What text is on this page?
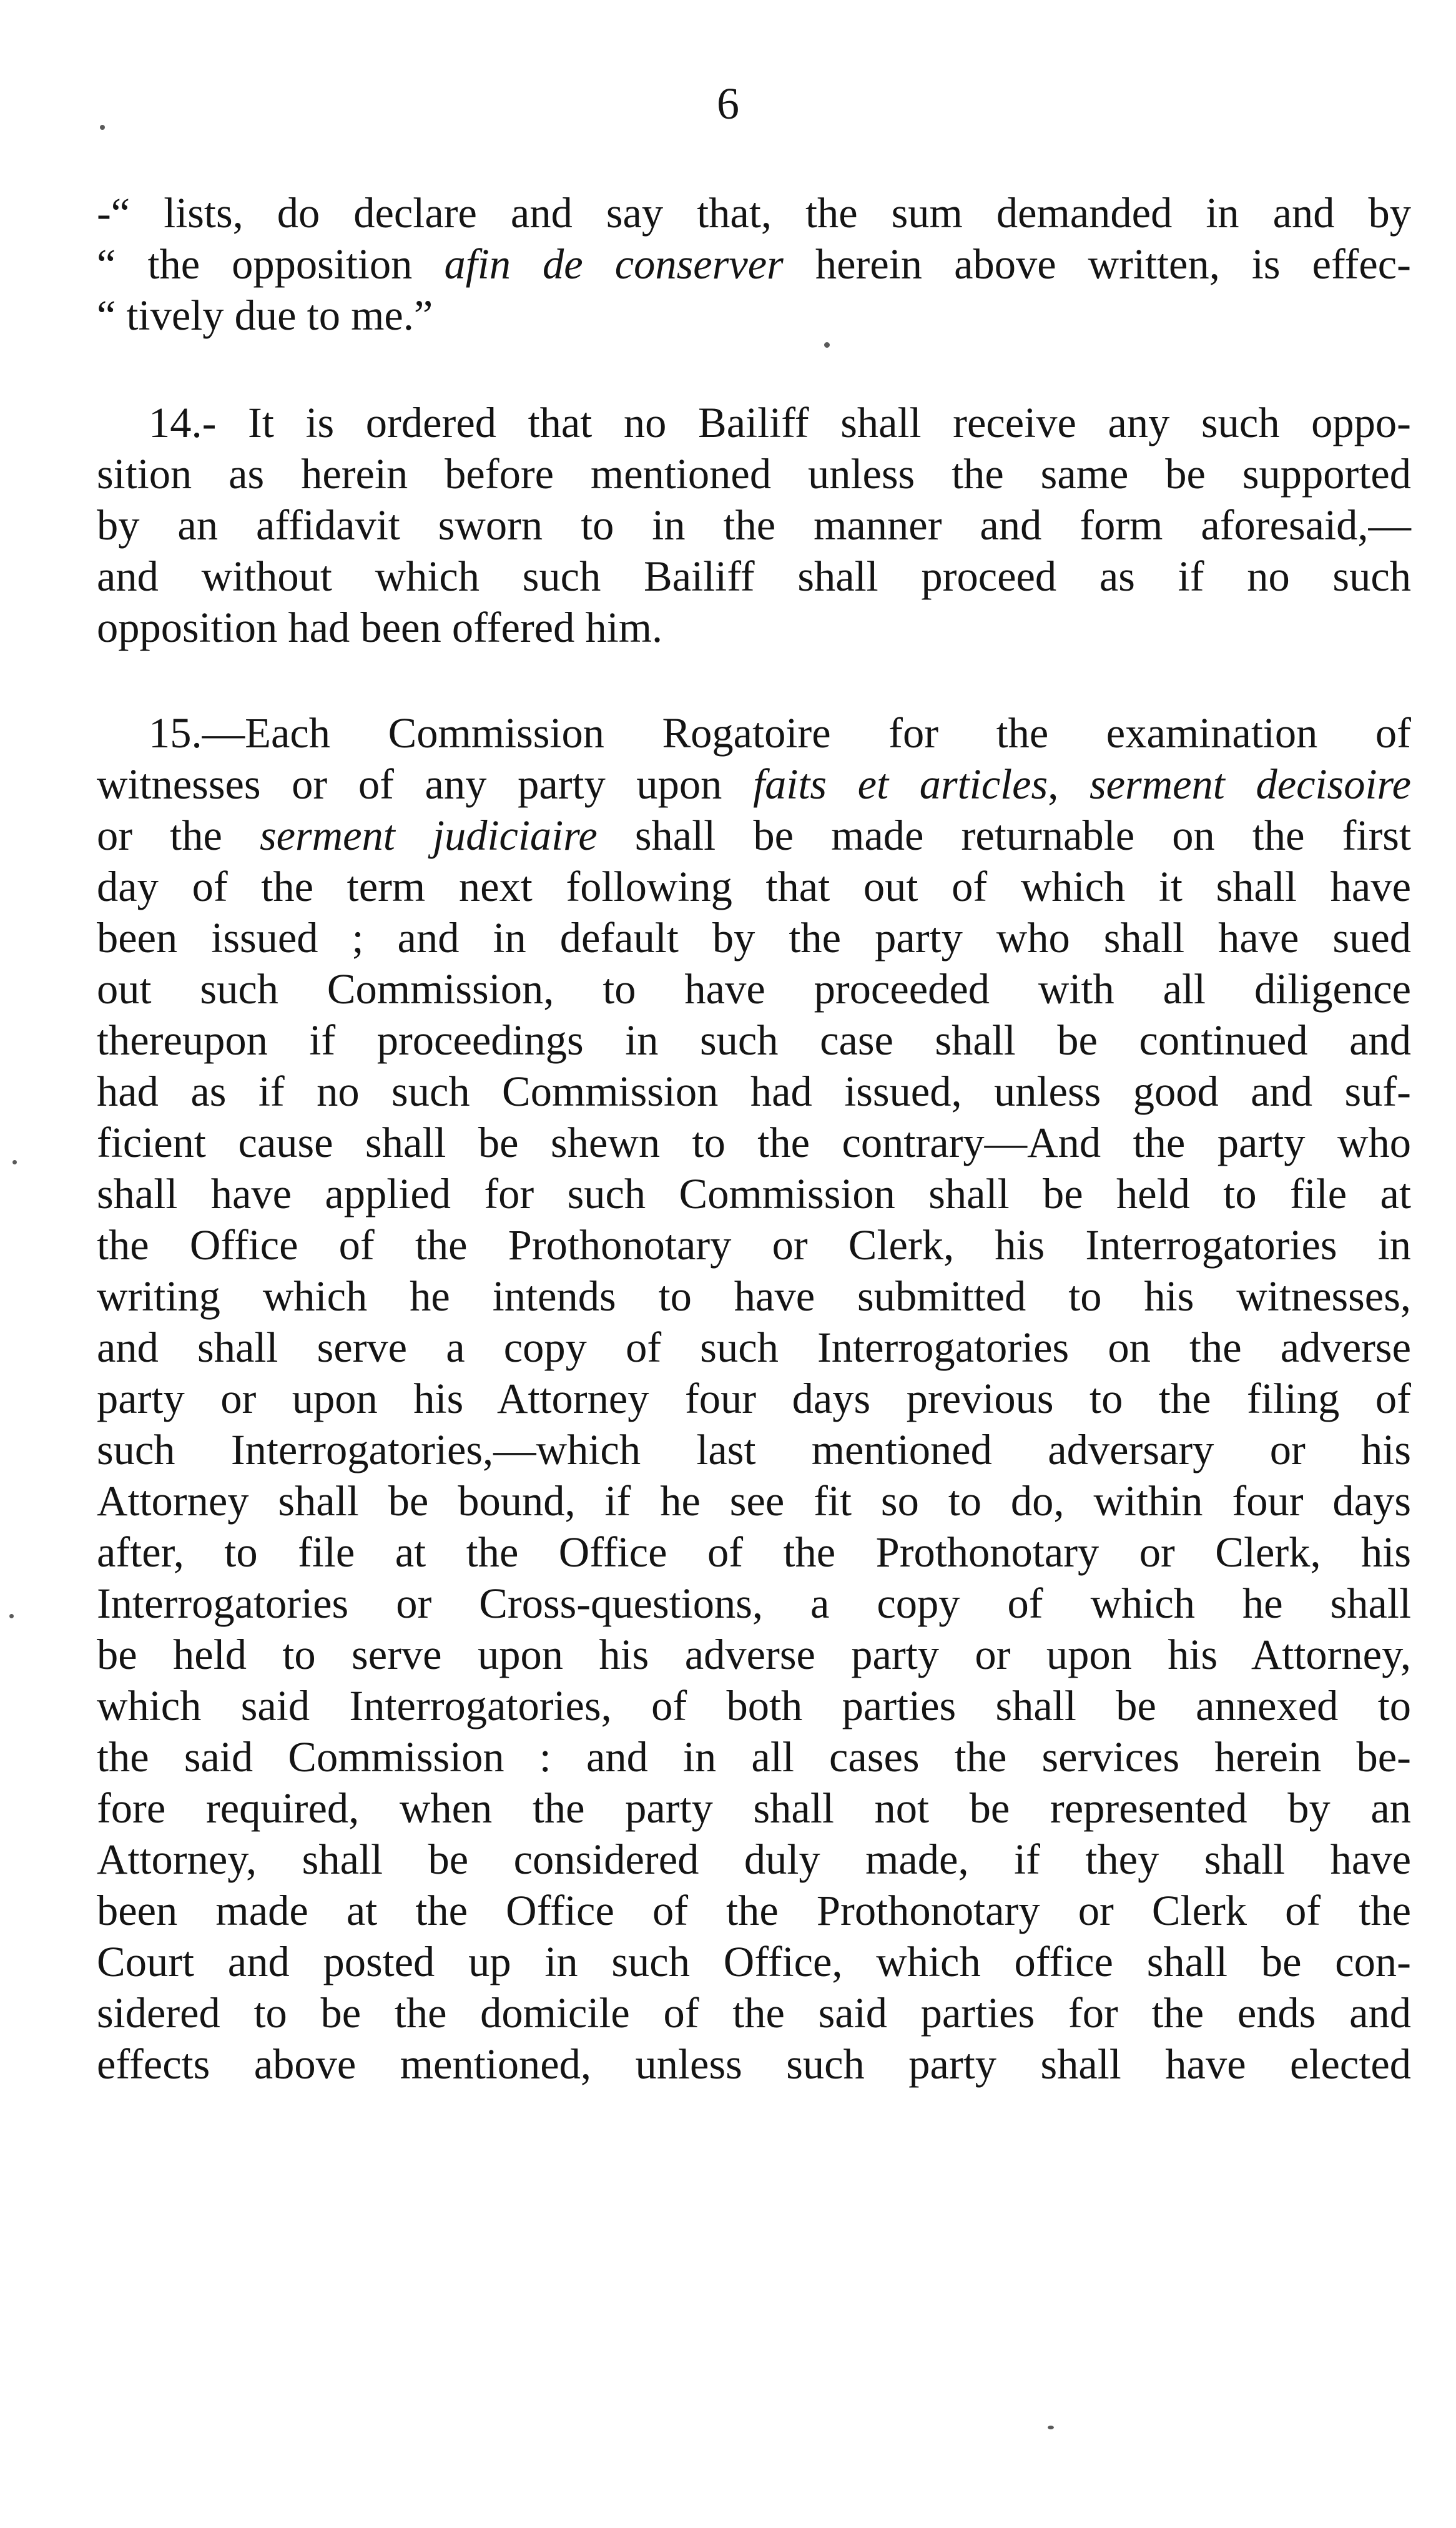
6
-“ lists, do declare and say that, the sum demanded in and by
“ the opposition afin de conserver herein above written, is effec-
“ tively due to me.”
14.- It is ordered that no Bailiff shall receive any such oppo-
sition as herein before mentioned unless the same be supported
by an affidavit sworn to in the manner and form aforesaid,—
and without which such Bailiff shall proceed as if no such
opposition had been offered him.
15.—Each Commission Rogatoire for the examination of
witnesses or of any party upon faits et articles, serment decisoire
or the serment judiciaire shall be made returnable on the first
day of the term next following that out of which it shall have
been issued ; and in default by the party who shall have sued
out such Commission, to have proceeded with all diligence
thereupon if proceedings in such case shall be continued and
had as if no such Commission had issued, unless good and suf-
ficient cause shall be shewn to the contrary—And the party who
shall have applied for such Commission shall be held to file at
the Office of the Prothonotary or Clerk, his Interrogatories in
writing which he intends to have submitted to his witnesses,
and shall serve a copy of such Interrogatories on the adverse
party or upon his Attorney four days previous to the filing of
such Interrogatories,—which last mentioned adversary or his
Attorney shall be bound, if he see fit so to do, within four days
after, to file at the Office of the Prothonotary or Clerk, his
Interrogatories or Cross-questions, a copy of which he shall
be held to serve upon his adverse party or upon his Attorney,
which said Interrogatories, of both parties shall be annexed to
the said Commission : and in all cases the services herein be-
fore required, when the party shall not be represented by an
Attorney, shall be considered duly made, if they shall have
been made at the Office of the Prothonotary or Clerk of the
Court and posted up in such Office, which office shall be con-
sidered to be the domicile of the said parties for the ends and
effects above mentioned, unless such party shall have elected
